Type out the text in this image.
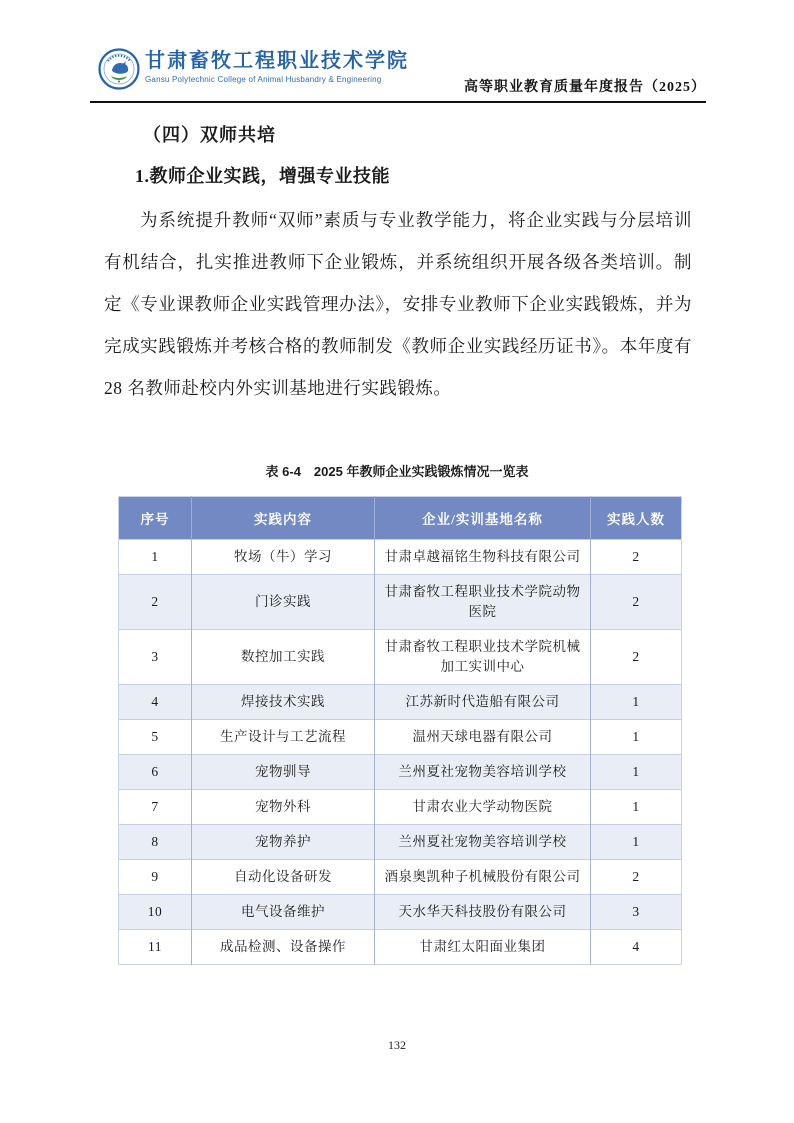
甘肃畜牧工程职业技术学院
Gansu Polytechnic College of Animal Husbandry & Engineering
高等职业教育质量年度报告（2025）
（四）双师共培
1.教师企业实践，增强专业技能
为系统提升教师“双师”素质与专业教学能力，将企业实践与分层培训有机结合，扎实推进教师下企业锻炼，并系统组织开展各级各类培训。制定《专业课教师企业实践管理办法》，安排专业教师下企业实践锻炼，并为完成实践锻炼并考核合格的教师制发《教师企业实践经历证书》。本年度有 28 名教师赴校内外实训基地进行实践锻炼。
表 6-4　2025 年教师企业实践锻炼情况一览表
序号	实践内容	企业/实训基地名称	实践人数
1	牧场（牛）学习	甘肃卓越福铭生物科技有限公司	2
2	门诊实践	甘肃畜牧工程职业技术学院动物医院	2
3	数控加工实践	甘肃畜牧工程职业技术学院机械加工实训中心	2
4	焊接技术实践	江苏新时代造船有限公司	1
5	生产设计与工艺流程	温州天球电器有限公司	1
6	宠物驯导	兰州夏社宠物美容培训学校	1
7	宠物外科	甘肃农业大学动物医院	1
8	宠物养护	兰州夏社宠物美容培训学校	1
9	自动化设备研发	酒泉奥凯种子机械股份有限公司	2
10	电气设备维护	天水华天科技股份有限公司	3
11	成品检测、设备操作	甘肃红太阳面业集团	4
132
